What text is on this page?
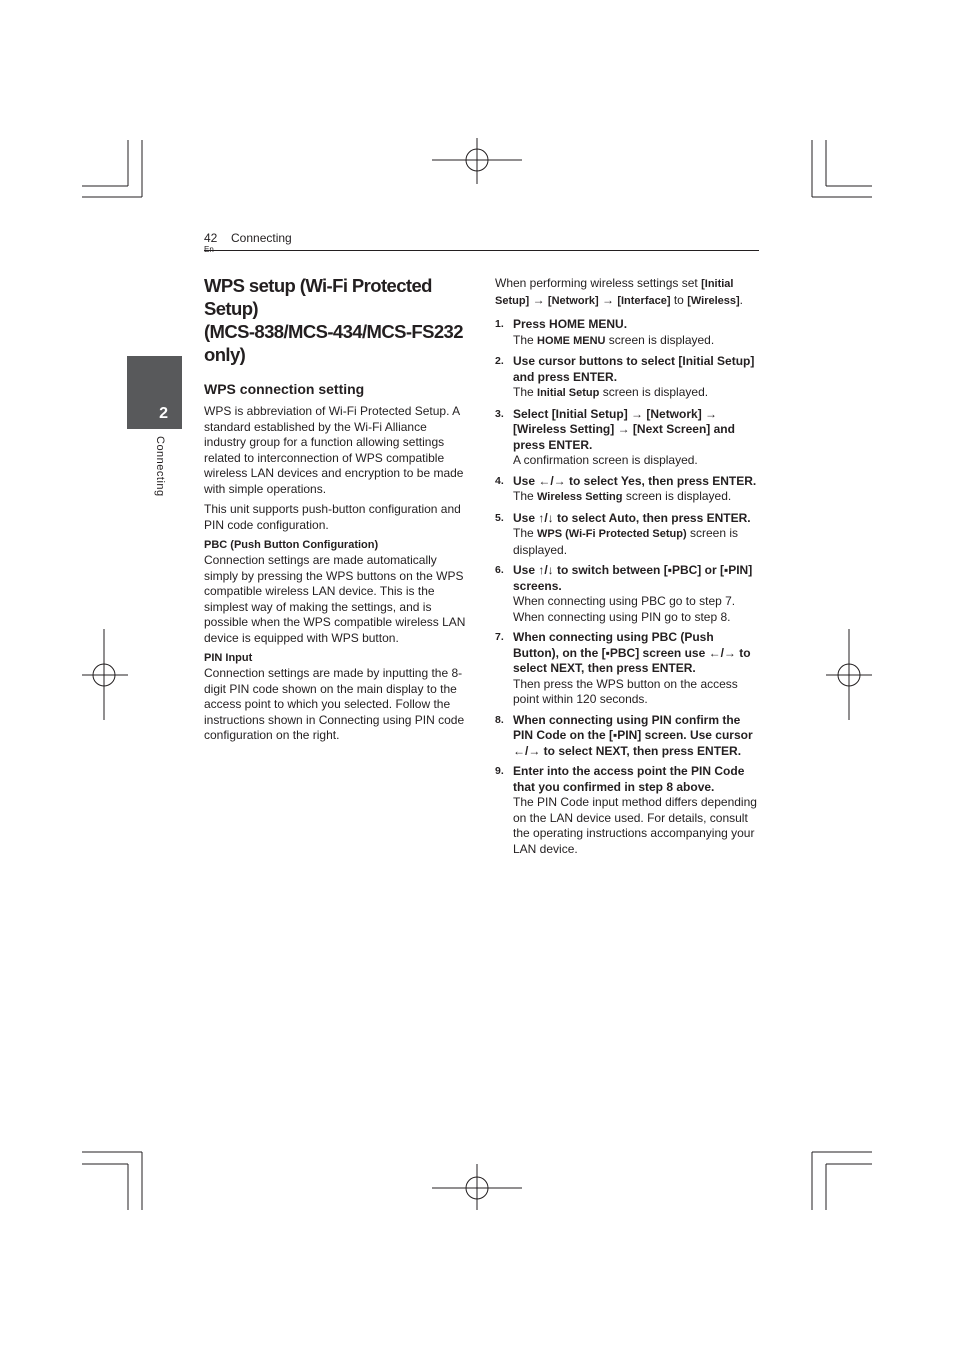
42
En
Connecting
2
Connecting
WPS setup (Wi-Fi Protected Setup)
(MCS-838/MCS-434/MCS-FS232 only)
WPS connection setting

WPS is abbreviation of Wi-Fi Protected Setup. A standard established by the Wi-Fi Alliance industry group for a function allowing settings related to interconnection of WPS compatible wireless LAN devices and encryption to be made with simple operations.

This unit supports push-button configuration and PIN code configuration.

PBC (Push Button Configuration)

Connection settings are made automatically simply by pressing the WPS buttons on the WPS compatible wireless LAN device. This is the simplest way of making the settings, and is possible when the WPS compatible wireless LAN device is equipped with WPS button.

PIN Input

Connection settings are made by inputting the 8-digit PIN code shown on the main display to the access point to which you selected. Follow the instructions shown in Connecting using PIN code configuration on the right.

When performing wireless settings set [Initial Setup] → [Network] → [Interface] to [Wireless].

1. Press HOME MENU.
The HOME MENU screen is displayed.
2. Use cursor buttons to select [Initial Setup] and press ENTER.
The Initial Setup screen is displayed.
3. Select [Initial Setup] → [Network] → [Wireless Setting] → [Next Screen] and press ENTER.
A confirmation screen is displayed.
4. Use ←/→ to select Yes, then press ENTER.
The Wireless Setting screen is displayed.
5. Use ↑/↓ to select Auto, then press ENTER.
The WPS (Wi-Fi Protected Setup) screen is displayed.
6. Use ↑/↓ to switch between [▪PBC] or [▪PIN] screens.
When connecting using PBC go to step 7. When connecting using PIN go to step 8.
7. When connecting using PBC (Push Button), on the [▪PBC] screen use ←/→ to select NEXT, then press ENTER.
Then press the WPS button on the access point within 120 seconds.
8. When connecting using PIN confirm the PIN Code on the [▪PIN] screen. Use cursor ←/→ to select NEXT, then press ENTER.
9. Enter into the access point the PIN Code that you confirmed in step 8 above.
The PIN Code input method differs depending on the LAN device used. For details, consult the operating instructions accompanying your LAN device.
